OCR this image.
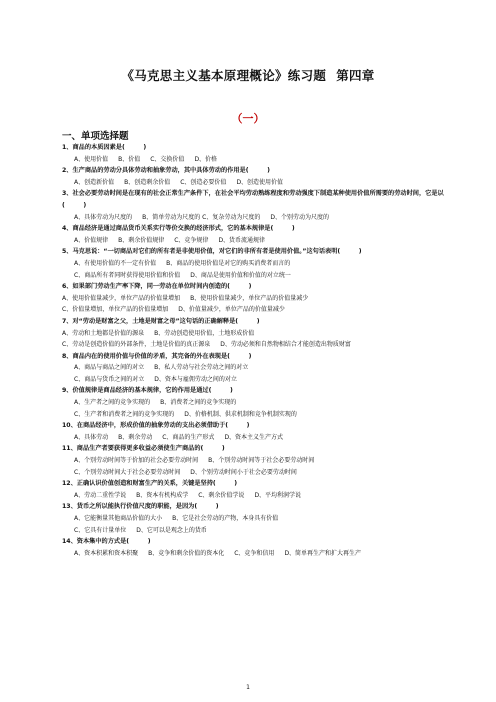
《马克思主义基本原理概论》练习题 第四章
（一）
一、单项选择题
1、商品的本质因素是(　　　)
A、使用价值 B、价值 C、交换价值 D、价格
2、生产商品的劳动分具体劳动和抽象劳动，其中具体劳动的作用是(　　　)
A、创造新价值 B、创造剩余价值 C、创造必要价值 D、创造使用价值
3、社会必要劳动时间是在现有的社会正常生产条件下，在社会平均劳动熟练程度和劳动强度下制造某种使用价值所需要的劳动时间，它是以(　　　)
A、具体劳动为尺度的 B、简单劳动为尺度的 C、复杂劳动为尺度的 D、个别劳动为尺度的
4、商品经济是通过商品货币关系实行等价交换的经济形式，它的基本规律是(　　　)
A、价值规律 B、剩余价值规律 C、竞争规律 D、货币流通规律
5、马克思说：“一切商品对它们的所有者是非使用价值，对它们的非所有者是使用价值。”这句话表明(　　　)
A、有使用价值的不一定有价值 B、商品的使用价值是对它的购买消费者而言的
C、商品所有者同时获得使用价值和价值 D、商品是使用价值和价值的对立统一
6、如果部门劳动生产率下降，同一劳动在单位时间内创造的(　　　)
A、使用价值量减少，单位产品的价值量增加 B、使用价值量减少，单位产品的价值量减少
C、价值量增加，单位产品的价值量增加 D、价值量减少，单位产品的价值量减少
7、对“劳动是财富之父，土地是财富之母”这句话的正确解释是(　　　)
A、劳动和土地都是价值的源泉 B、劳动创造使用价值，土地形成价值
C、劳动是创造价值的外部条件，土地是价值的真正源泉 D、劳动必须和自然物相结合才能创造出物质财富
8、商品内在的使用价值与价值的矛盾，其完备的外在表现是(　　　)
A、商品与商品之间的对立 B、私人劳动与社会劳动之间的对立
C、商品与货币之间的对立 D、资本与雇佣劳动之间的对立
9、价值规律是商品经济的基本规律，它的作用是通过(　　　)
A、生产者之间的竞争实现的 B、消费者之间的竞争实现的
C、生产者和消费者之间的竞争实现的 D、价格机制、供求机制和竞争机制实现的
10、在商品经济中，形成价值的抽象劳动的支出必须借助于(　　　)
A、具体劳动 B、剩余劳动 C、商品的生产形式 D、资本主义生产方式
11、商品生产者要获得更多收益必须使生产商品的(　　　)
A、个别劳动时间等于价加的社会必要劳动时间 B、个别劳动时间等于社会必要劳动时间
C、个别劳动时间大于社会必要劳动时间 D、个别劳动时间小于社会必要劳动时间
12、正确认识价值创造和财富生产的关系，关键是坚持(　　　)
A、劳动二重性学说 B、资本有机构成学 C、剩余价值学说 D、平均利润学说
13、货币之所以能执行价值尺度的职能，是因为(　　　)
A、它能衡量其他商品价值的大小 B、它是社会劳动的产物，本身具有价值
C、它具有计量单位 D、它可以是观念上的货币
14、资本集中的方式是(　　　)
A、资本积累和资本积聚 B、竞争和剩余价值的资本化 C、竞争和信用 D、简单再生产和扩大再生产
1
